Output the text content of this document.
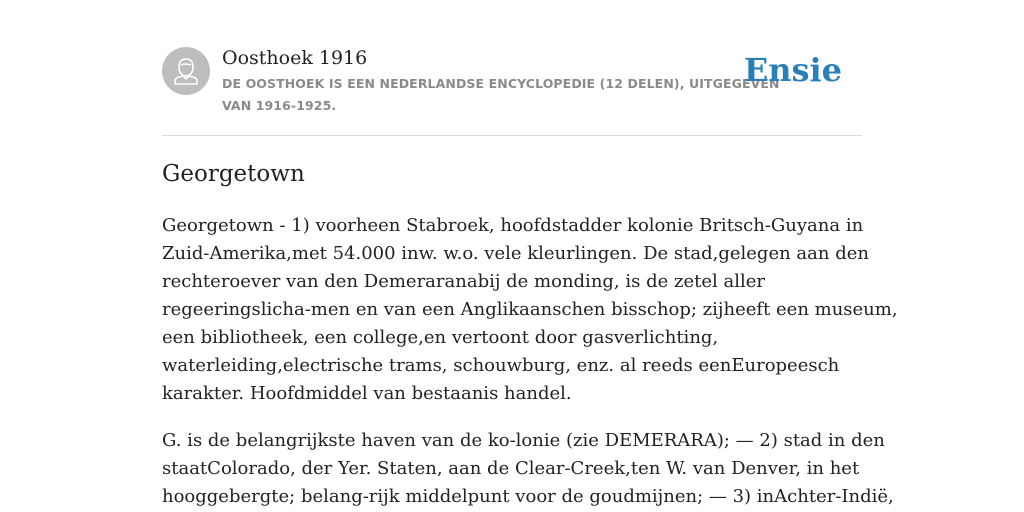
Oosthoek 1916
DE OOSTHOEK IS EEN NEDERLANDSE ENCYCLOPEDIE (12 DELEN), UITGEGEVEN
VAN 1916-1925.
Ensie
Georgetown

Georgetown - 1) voorheen Stabroek, hoofdstadder kolonie Britsch-Guyana in
Zuid-Amerika,met 54.000 inw. w.o. vele kleurlingen. De stad,gelegen aan den
rechteroever van den Demeraranabij de monding, is de zetel aller
regeeringslicha-men en van een Anglikaanschen bisschop; zijheeft een museum,
een bibliotheek, een college,en vertoont door gasverlichting,
waterleiding,electrische trams, schouwburg, enz. al reeds eenEuropeesch
karakter. Hoofdmiddel van bestaanis handel.

G. is de belangrijkste haven van de ko-lonie (zie DEMERARA); — 2) stad in den
staatColorado, der Yer. Staten, aan de Clear-Creek,ten W. van Denver, in het
hooggebergte; belang-rijk middelpunt voor de goudmijnen; — 3) inAchter-Indië,
